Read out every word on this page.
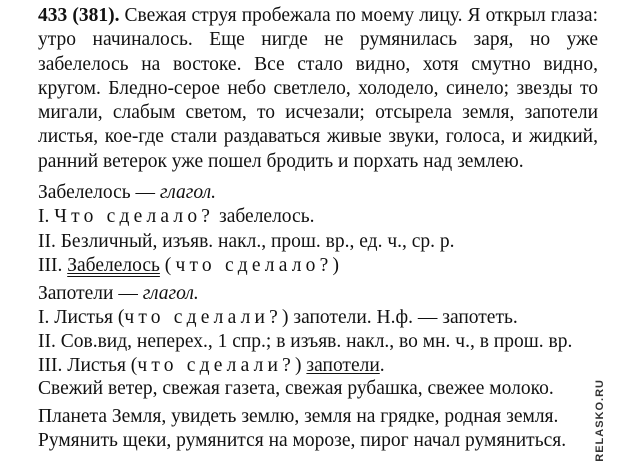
433 (381). Свежая струя пробежала по моему лицу. Я открыл глаза: утро начиналось. Еще нигде не румянилась заря, но уже забелелось на востоке. Все стало видно, хотя смутно видно, кругом. Бледно-серое небо светлело, холодело, синело; звезды то мигали, слабым светом, то исчезали; отсырела земля, запотели листья, кое-где стали раздаваться живые звуки, голоса, и жидкий, ранний ветерок уже пошел бродить и порхать над землею.
Забелелось — глагол.
I. Что сделало? забелелось.
II. Безличный, изъяв. накл., прош. вр., ед. ч., ср. р.
III. Забелелось (что сделало?)
Запотели — глагол.
I. Листья (что сделали?) запотели. Н.ф. — запотеть.
II. Сов.вид, неперех., 1 спр.; в изъяв. накл., во мн. ч., в прош. вр.
III. Листья (что сделали?) запотели.
Свежий ветер, свежая газета, свежая рубашка, свежее молоко.
Планета Земля, увидеть землю, земля на грядке, родная земля.
Румянить щеки, румянится на морозе, пирог начал румяниться.	RELASKO.RU
